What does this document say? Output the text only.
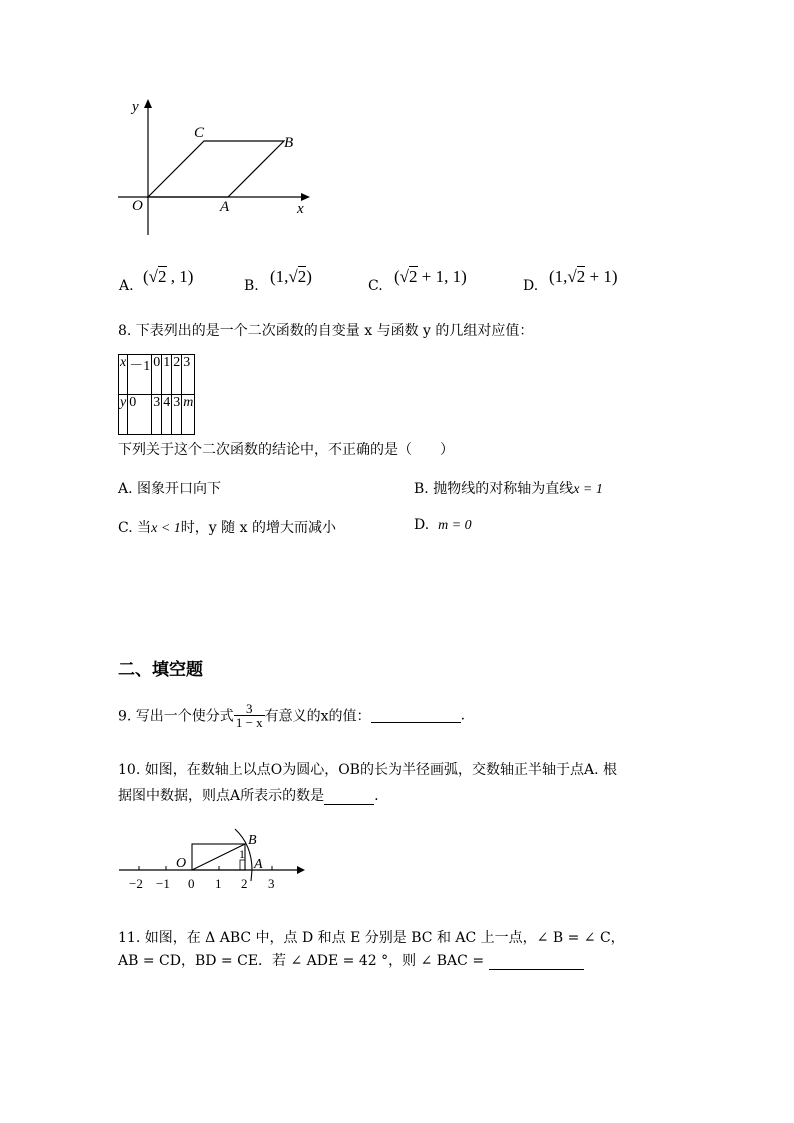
y
C
B
O	A	x
A. (√2 , 1)	B. (1,√2)	C. (√2 + 1, 1)	D. (1,√2 + 1)
8. 下表列出的是一个二次函数的自变量 x 与函数 y 的几组对应值：
x	－1	0	1	2	3
y	0	3	4	3	m
下列关于这个二次函数的结论中，不正确的是（　　）
A. 图象开口向下	B. 抛物线的对称轴为直线x = 1
C. 当x < 1时，y 随 x 的增大而减小	D. m = 0
二、填空题
9. 写出一个使分式 $\frac{3}{1 - x}$ 有意义的x的值：	.
10. 如图，在数轴上以点O为圆心，OB的长为半径画弧，交数轴正半轴于点A. 根
据图中数据，则点A所表示的数是	.
−2 −1 0 1 2 3
O
B
A
1
11. 如图，在 Δ ABC 中，点 D 和点 E 分别是 BC 和 AC 上一点，∠ B = ∠ C，
AB = CD，BD = CE．若 ∠ ADE = 42 °，则 ∠ BAC =
